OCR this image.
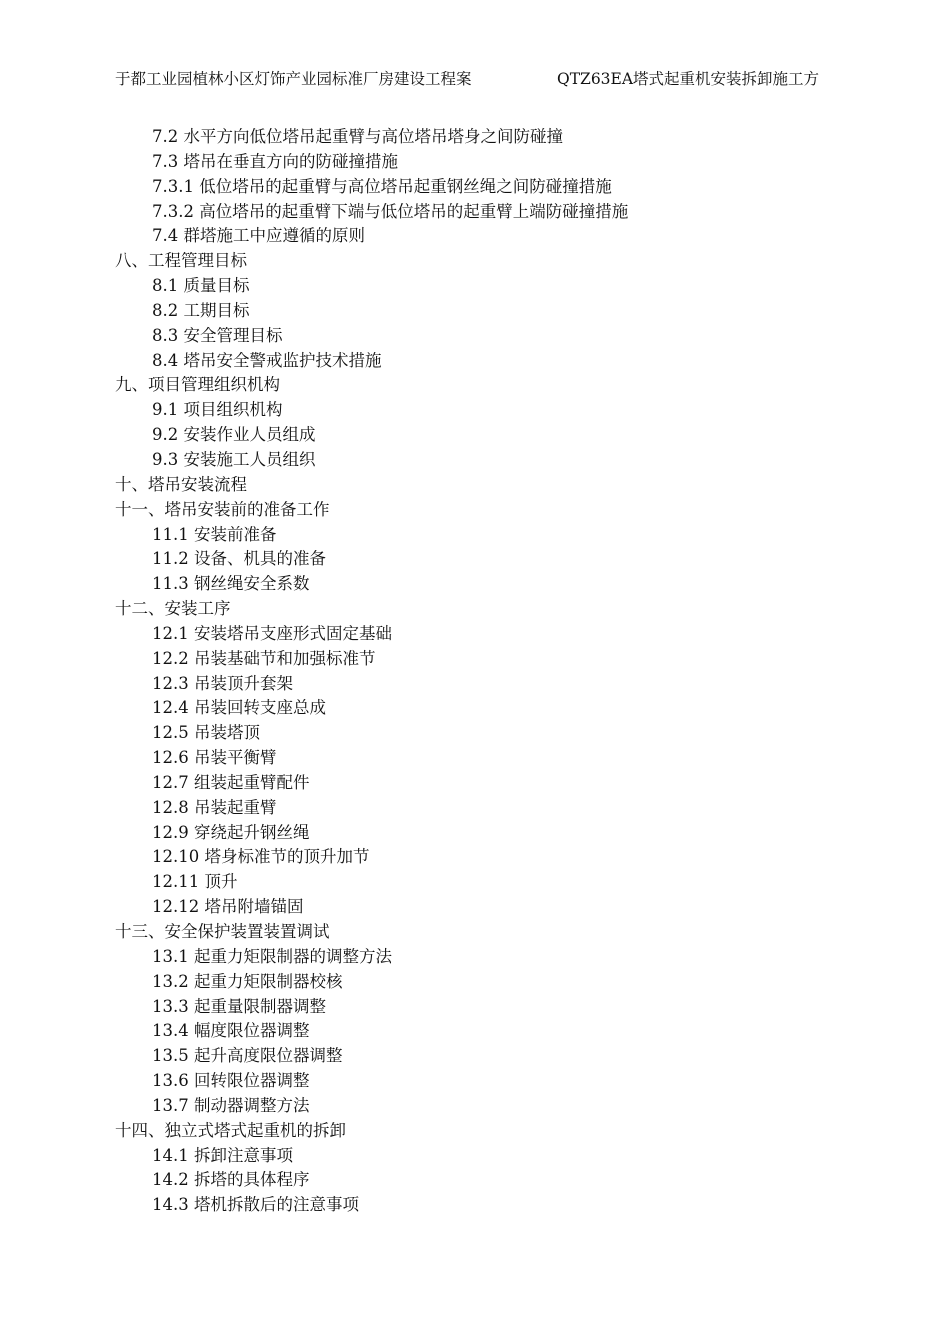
于都工业园植林小区灯饰产业园标准厂房建设工程案	QTZ63EA塔式起重机安装拆卸施工方
7.2 水平方向低位塔吊起重臂与高位塔吊塔身之间防碰撞
7.3 塔吊在垂直方向的防碰撞措施
7.3.1 低位塔吊的起重臂与高位塔吊起重钢丝绳之间防碰撞措施
7.3.2 高位塔吊的起重臂下端与低位塔吊的起重臂上端防碰撞措施
7.4 群塔施工中应遵循的原则
八、工程管理目标
8.1 质量目标
8.2 工期目标
8.3 安全管理目标
8.4 塔吊安全警戒监护技术措施
九、项目管理组织机构
9.1 项目组织机构
9.2 安装作业人员组成
9.3 安装施工人员组织
十、塔吊安装流程
十一、塔吊安装前的准备工作
11.1 安装前准备
11.2 设备、机具的准备
11.3 钢丝绳安全系数
十二、安装工序
12.1 安装塔吊支座形式固定基础
12.2 吊装基础节和加强标准节
12.3 吊装顶升套架
12.4 吊装回转支座总成
12.5 吊装塔顶
12.6 吊装平衡臂
12.7 组装起重臂配件
12.8 吊装起重臂
12.9 穿绕起升钢丝绳
12.10 塔身标准节的顶升加节
12.11 顶升
12.12 塔吊附墙锚固
十三、安全保护装置装置调试
13.1 起重力矩限制器的调整方法
13.2 起重力矩限制器校核
13.3 起重量限制器调整
13.4 幅度限位器调整
13.5 起升高度限位器调整
13.6 回转限位器调整
13.7 制动器调整方法
十四、独立式塔式起重机的拆卸
14.1 拆卸注意事项
14.2 拆塔的具体程序
14.3 塔机拆散后的注意事项
